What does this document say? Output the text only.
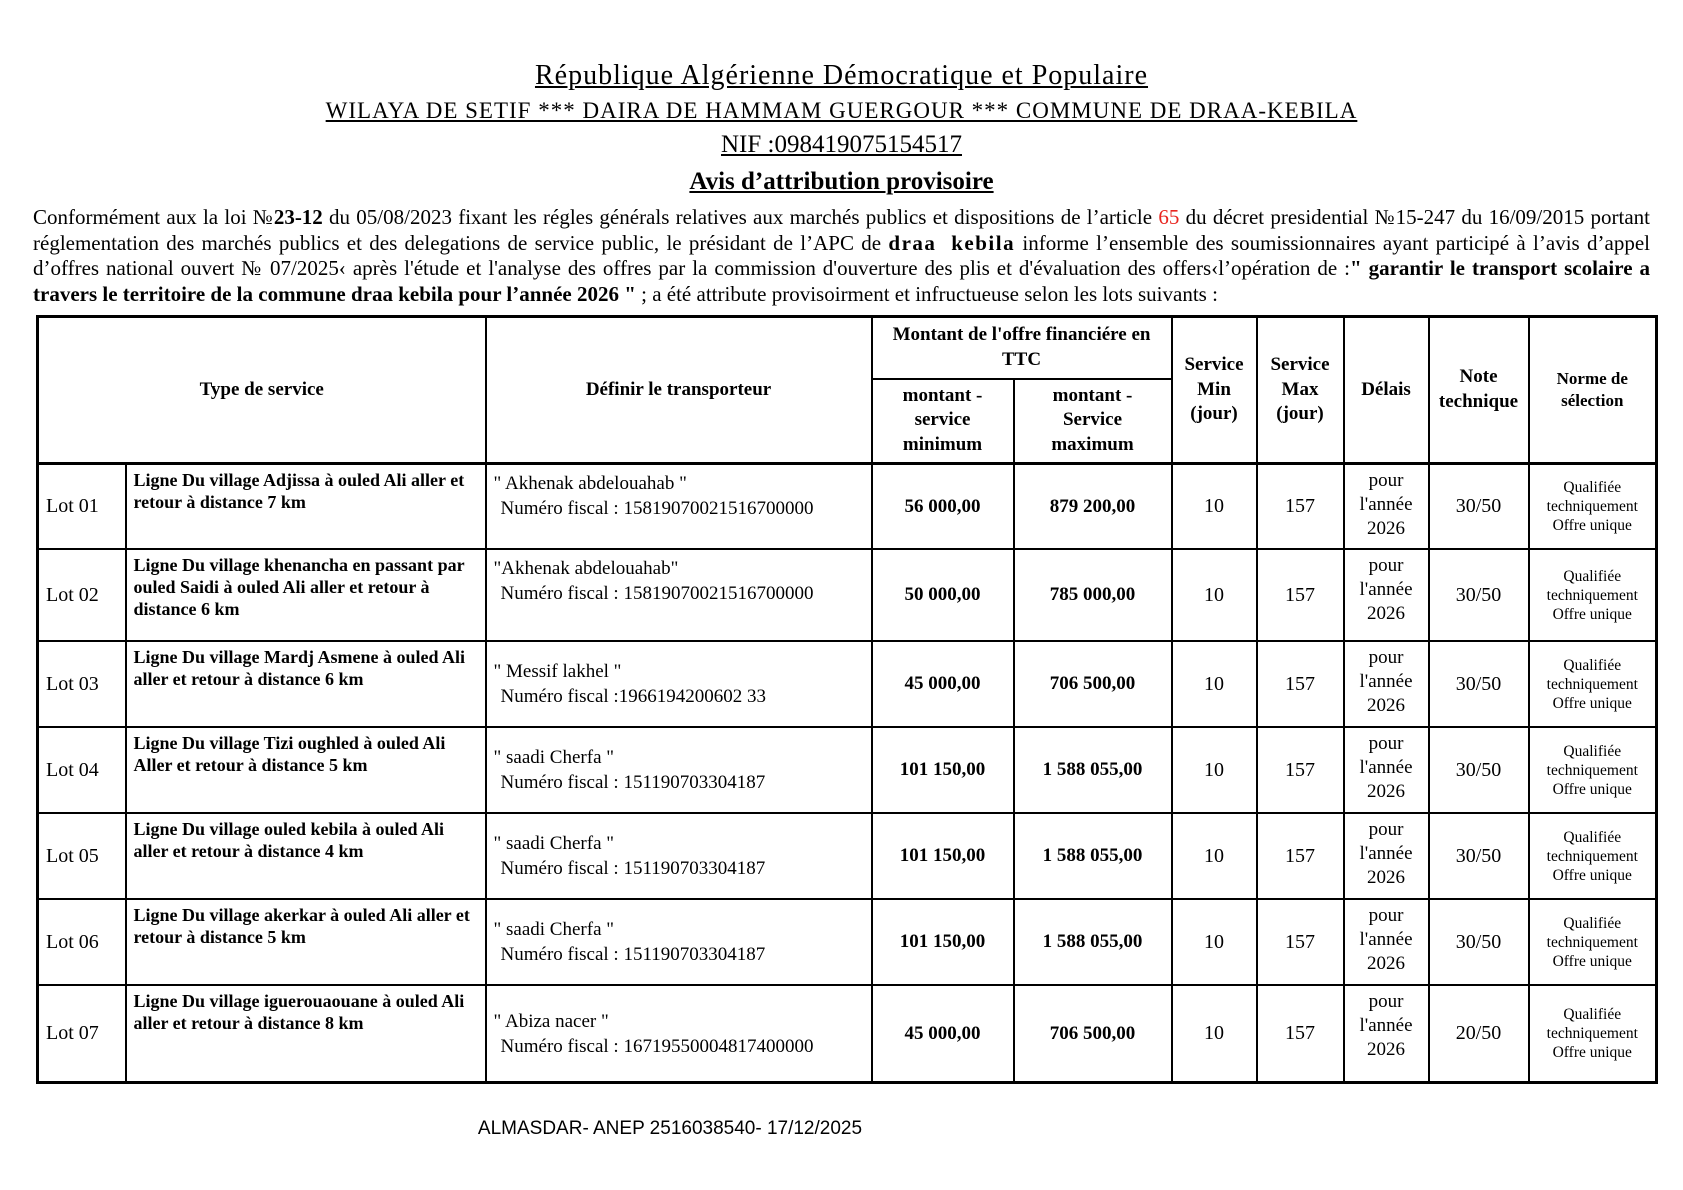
République Algérienne Démocratique et Populaire
WILAYA DE SETIF *** DAIRA DE HAMMAM GUERGOUR *** COMMUNE DE DRAA-KEBILA
NIF :098419075154517
Avis d’attribution provisoire

Conformément aux la loi №23-12 du 05/08/2023 fixant les régles générals relatives aux marchés publics et dispositions de l’article 65 du décret presidential №15-247 du 16/09/2015 portant réglementation des marchés publics et des delegations de service public, le présidant de l’APC de draa kebila informe l’ensemble des soumissionnaires ayant participé à l’avis d’appel d’offres national ouvert № 07/2025‹ après l'étude et l'analyse des offres par la commission d'ouverture des plis et d'évaluation des offers‹l’opération de :" garantir le transport scolaire a travers le territoire de la commune draa kebila pour l’année 2026 " ; a été attribute provisoirment et infructueuse selon les lots suivants :

Type de service		Définir le transporteur	Montant de l'offre financiére en TTC		Service Min (jour)	Service Max (jour)	Délais	Note technique	Norme de sélection
			montant - service minimum	montant - Service maximum					
Lot 01	Ligne Du village Adjissa à ouled Ali aller et retour à distance 7 km	" Akhenak abdelouahab "
Numéro fiscal : 15819070021516700000	56 000,00	879 200,00	10	157	pour l'année 2026	30/50	Qualifiée techniquement Offre unique
Lot 02	Ligne Du village khenancha en passant par ouled Saidi à ouled Ali aller et retour à distance 6 km	"Akhenak abdelouahab"
Numéro fiscal : 15819070021516700000	50 000,00	785 000,00	10	157	pour l'année 2026	30/50	Qualifiée techniquement Offre unique
Lot 03	Ligne Du village Mardj Asmene à ouled Ali aller et retour à distance 6 km	" Messif lakhel "
Numéro fiscal :1966194200602 33	45 000,00	706 500,00	10	157	pour l'année 2026	30/50	Qualifiée techniquement Offre unique
Lot 04	Ligne Du village Tizi oughled à ouled Ali Aller et retour à distance 5 km	" saadi Cherfa "
Numéro fiscal : 151190703304187	101 150,00	1 588 055,00	10	157	pour l'année 2026	30/50	Qualifiée techniquement Offre unique
Lot 05	Ligne Du village ouled kebila à ouled Ali aller et retour à distance 4 km	" saadi Cherfa "
Numéro fiscal : 151190703304187	101 150,00	1 588 055,00	10	157	pour l'année 2026	30/50	Qualifiée techniquement Offre unique
Lot 06	Ligne Du village akerkar à ouled Ali aller et retour à distance 5 km	" saadi Cherfa "
Numéro fiscal : 151190703304187	101 150,00	1 588 055,00	10	157	pour l'année 2026	30/50	Qualifiée techniquement Offre unique
Lot 07	Ligne Du village iguerouaouane à ouled Ali aller et retour à distance 8 km	" Abiza nacer "
Numéro fiscal : 16719550004817400000	45 000,00	706 500,00	10	157	pour l'année 2026	20/50	Qualifiée techniquement Offre unique
ALMASDAR- ANEP 2516038540- 17/12/2025
